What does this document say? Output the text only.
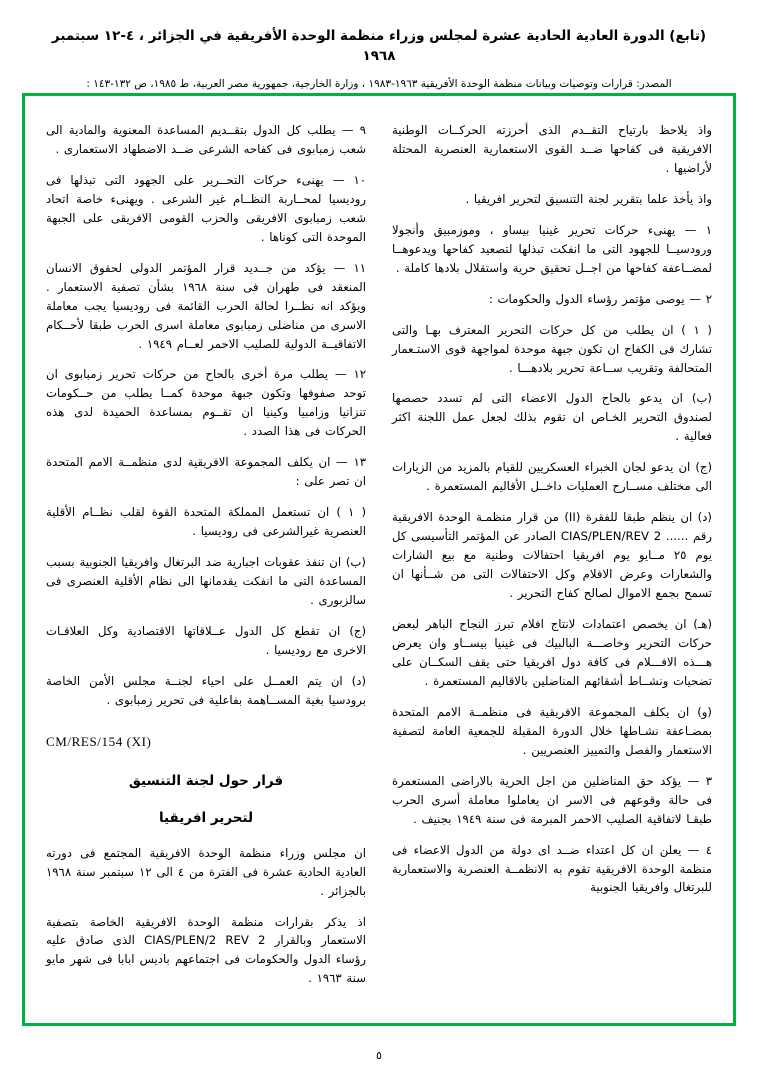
(تابع) الدورة العادية الحادية عشرة لمجلس وزراء منظمة الوحدة الأفريقية في الجزائر ، ٤-١٢ سبتمبر ١٩٦٨
المصدر: قرارات وتوصيات وبيانات منظمة الوحدة الأفريقية ١٩٦٣-١٩٨٣ ، وزارة الخارجية، جمهورية مصر العربية، ط ١٩٨٥، ص ١٣٢-١٤٣ :

واذ يلاحظ بارتياح التقــدم الذى أحرزته الحركــات الوطنية الافريقية فى كفاحها ضــد القوى الاستعمارية العنصرية المحتلة لأراضيها .

واذ يأخذ علما بتقرير لجنة التنسيق لتحرير افريقيا .

١ — يهنىء حركات تحرير غينيا بيساو ، وموزمبيق وأنجولا ورودسيــا للجهود التى ما انفكت تبذلها لتصعيد كفاحها ويدعوهــا لمضــاعفة كفاحها من اجــل تحقيق حرية واستقلال بلادها كاملة .

٢ — يوصى مؤتمر رؤساء الدول والحكومات :

( ١ ) ان يطلب من كل حركات التحرير المعترف بهـا والتى تشارك فى الكفاح ان تكون جبهة موحدة لمواجهة قوى الاستـعمار المتحالفة وتقريب ســاعة تحرير بلادهـــا .

(ب) ان يدعو بالحاح الدول الاعضاء التى لم تسدد حصصها لصندوق التحرير الخـاص ان تقوم بذلك لجعل عمل اللجنة اكثر فعالية .

(ج) ان يدعو لجان الخبراء العسكريين للقيام بالمزيد من الزيارات الى مختلف مســارح العمليات داخــل الأقاليم المستعمرة .

(د) ان ينظم طبقا للفقرة (II) من قرار منظمـة الوحدة الافريقية رقم ...... CIAS/PLEN/REV 2 الصادر عن المؤتمر التأسيسى كل يوم ٢٥ مــايو يوم افريقيا احتفالات وطنية مع بيع الشارات والشعارات وعرض الافلام وكل الاحتفالات التى من شــأنها ان تسمح بجمع الاموال لصالح كفاح التحرير .

(هـ) ان يخصص اعتمادات لانتاج افلام تبرز النجاح الباهر لبعض حركات التحرير وخاصـــة البالبيك فى غينيا بيســاو وان يعرض هـــذه الافـــلام فى كافة دول افريقيا حتى يقف السكــان على تضحيات ونشــاط أشقائهم المناضلين بالاقاليم المستعمرة .

(و) ان يكلف المجموعة الافريقية فى منظمــة الامم المتحدة بمضـاعفة نشـاطها خلال الدورة المقبلة للجمعية العامة لتصفية الاستعمار والفصل والتمييز العنصريين .

٣ — يؤكد حق المناضلين من اجل الحرية بالاراضى المستعمرة فى حالة وقوعهم فى الاسر ان يعاملوا معاملة أسرى الحرب طبقـا لاتفاقية الصليب الاحمر المبرمة فى سنة ١٩٤٩ بجنيف .

٤ — يعلن ان كل اعتداء ضــد اى دولة من الدول الاعضاء فى منظمة الوحدة الافريقية تقوم به الانظمــة العنصرية والاستعمارية للبرتغال وافريقيا الجنوبية

٩ — يطلب كل الدول بتقــديم المساعدة المعنوية والمادية الى شعب زمبابوى فى كفاحه الشرعى ضــد الاضطهاد الاستعمارى .

١٠ — يهنىء حركات التحــرير على الجهود التى تبذلها فى روديسيا لمحــاربة النظــام غير الشرعى . ويهنىء خاصة اتحاد شعب زمبابوى الافريقى والحزب القومى الافريقى على الجبهة الموحدة التى كوناها .

١١ — يؤكد من جــديد قرار المؤتمر الدولى لحقوق الانسان المنعقد فى طهران فى سنة ١٩٦٨ بشأن تصفية الاستعمار . ويؤكد انه نظــرا لحالة الحرب القائمة فى روديسيا يجب معاملة الاسرى من مناضلى زمبابوى معاملة اسرى الحرب طبقا لأحــكام الاتفاقيــة الدولية للصليب الاحمر لعــام ١٩٤٩ .

١٢ — يطلب مرة أخرى بالحاح من حركات تحرير زمبابوى ان توحد صفوفها وتكون جبهة موحدة كمــا يطلب من حــكومات تنزانيا وزامبيا وكينيا ان تقــوم بمساعدة الحميدة لدى هذه الحركات فى هذا الصدد .

١٣ — ان يكلف المجموعة الافريقية لدى منظمــة الامم المتحدة ان تصر على :

( ١ ) ان تستعمل المملكة المتحدة القوة لقلب نظــام الأقلية العنصرية غيرالشرعى فى روديسيا .

(ب) ان تنفذ عقوبات اجبارية ضد البرتغال وافريقيا الجنوبية بسبب المساعدة التى ما انفكت يقدمانها الى نظام الأقلية العنصرى فى سالزبورى .

(ج) ان تقطع كل الدول عــلاقاتها الاقتصادية وكل العلاقـات الاخرى مع روديسيا .

(د) ان يتم العمــل على احياء لجنــة مجلس الأمن الخاصة برودسيا بغية المســاهمة بفاعلية فى تحرير زمبابوى .

CM/RES/154 (XI)
قرار حول لجنة التنسيق
لتحرير افريقيا

ان مجلس وزراء منظمة الوحدة الافريقية المجتمع فى دورته العادية الحادية عشرة فى الفترة من ٤ الى ١٢ سبتمبر سنة ١٩٦٨ بالجزائر .

اذ يذكر بقرارات منظمة الوحدة الافريقية الخاصة بتصفية الاستعمار وبالقرار CIAS/PLEN/2 REV 2 الذى صادق عليه رؤساء الدول والحكومات فى اجتماعهم باديس ابابا فى شهر مايو سنة ١٩٦٣ .

٥
